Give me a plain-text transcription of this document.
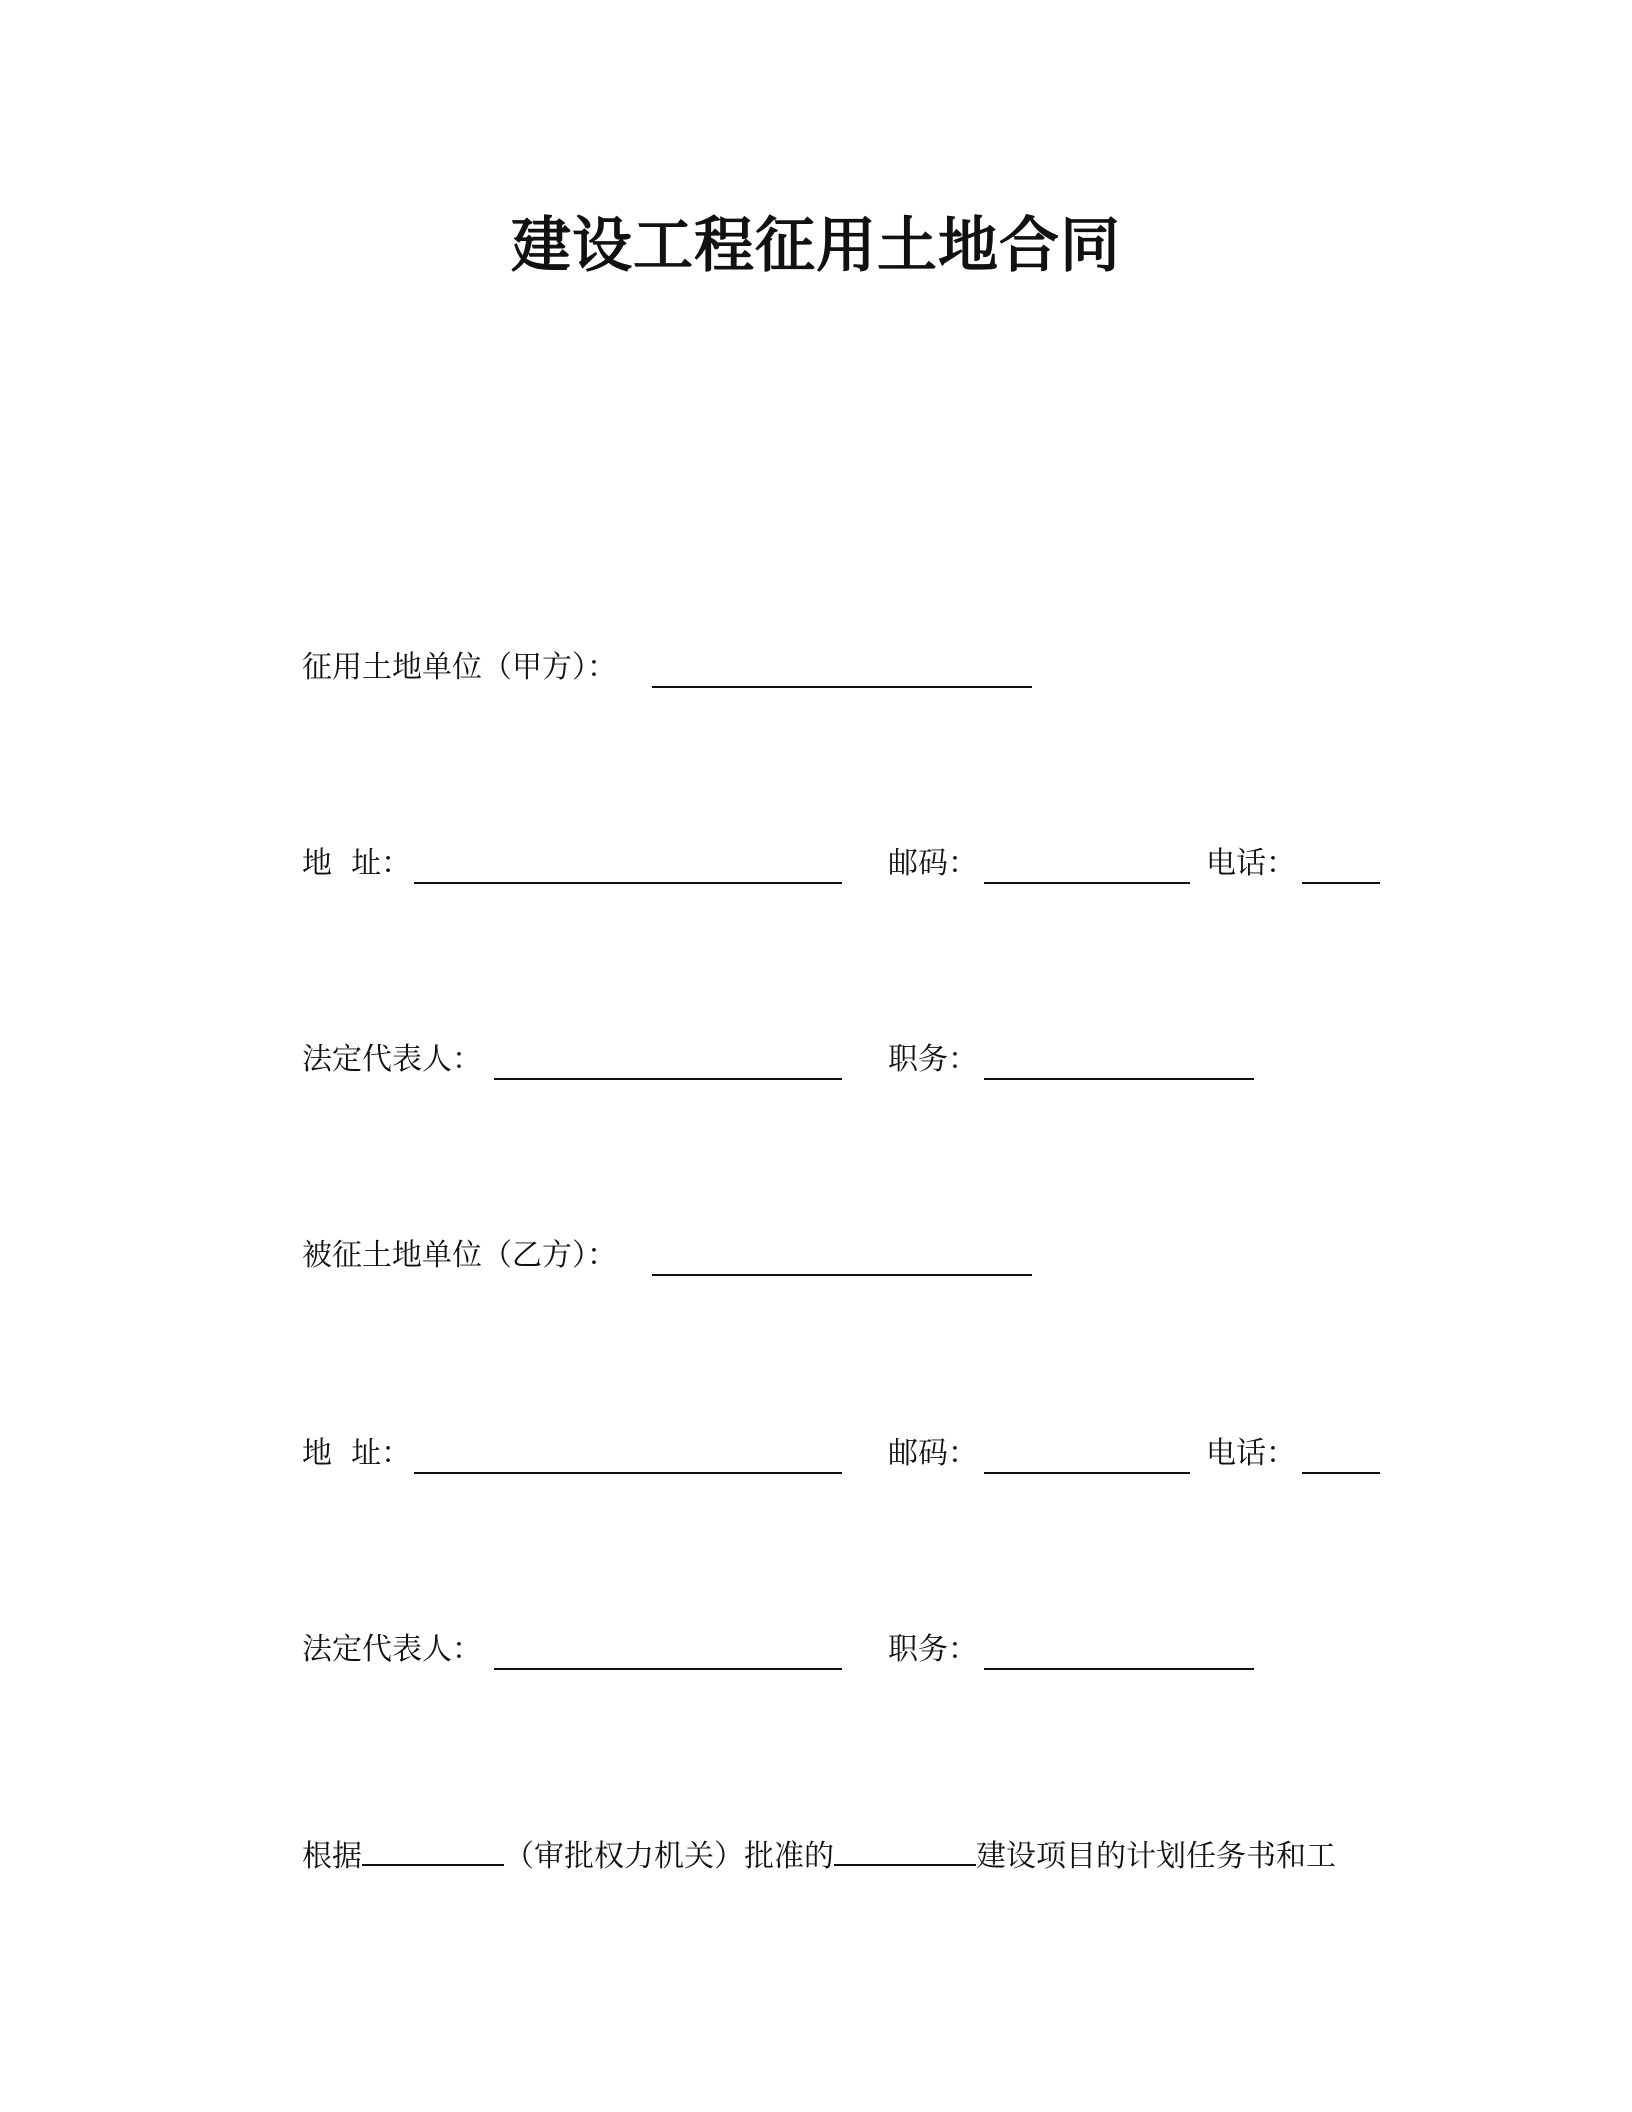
建设工程征用土地合同
征用土地单位（甲方）：
地  址：	邮码：	电话：
法定代表人：	职务：
被征土地单位（乙方）：
地  址：	邮码：	电话：
法定代表人：	职务：
根据	（审批权力机关）批准的	建设项目的计划任务书和工
